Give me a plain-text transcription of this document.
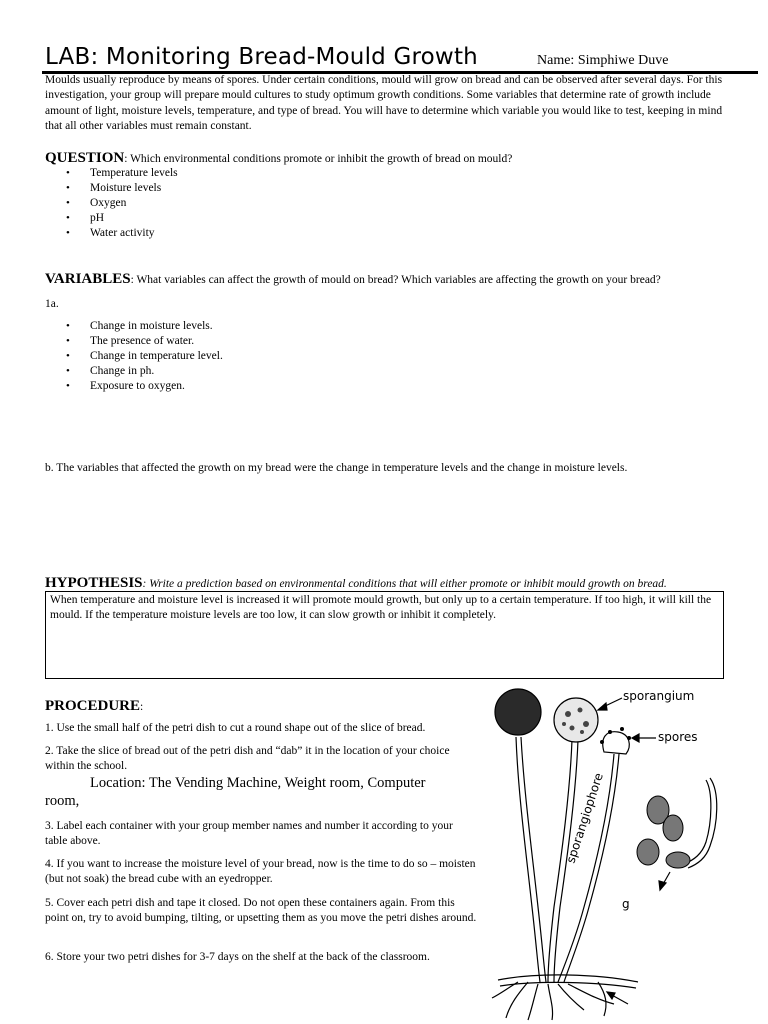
LAB: Monitoring Bread-Mould Growth	Name: Simphiwe Duve
Moulds usually reproduce by means of spores. Under certain conditions, mould will grow on bread and can be observed after several days. For this investigation, your group will prepare mould cultures to study optimum growth conditions. Some variables that determine rate of growth include amount of light, moisture levels, temperature, and type of bread. You will have to determine which variable you would like to test, keeping in mind that all other variables must remain constant.
QUESTION: Which environmental conditions promote or inhibit the growth of bread on mould?
• Temperature levels
• Moisture levels
• Oxygen
• pH
• Water activity
VARIABLES: What variables can affect the growth of mould on bread? Which variables are affecting the growth on your bread?
1a.
• Change in moisture levels.
• The presence of water.
• Change in temperature level.
• Change in ph.
• Exposure to oxygen.
b. The variables that affected the growth on my bread were the change in temperature levels and the change in moisture levels.
HYPOTHESIS: Write a prediction based on environmental conditions that will either promote or inhibit mould growth on bread.
When temperature and moisture level is increased it will promote mould growth, but only up to a certain temperature. If too high, it will kill the mould. If the temperature moisture levels are too low, it can slow growth or inhibit it completely.
PROCEDURE:
1. Use the small half of the petri dish to cut a round shape out of the slice of bread.
2. Take the slice of bread out of the petri dish and “dab” it in the location of your choice within the school.
Location: The Vending Machine, Weight room, Computer
room,
3. Label each container with your group member names and number it according to your table above.
4. If you want to increase the moisture level of your bread, now is the time to do so – moisten (but not soak) the bread cube with an eyedropper.
5. Cover each petri dish and tape it closed. Do not open these containers again. From this point on, try to avoid bumping, tilting, or upsetting them as you move the petri dishes around.
6. Store your two petri dishes for 3-7 days on the shelf at the back of the classroom.
sporangium
spores
sporangiophore
g
